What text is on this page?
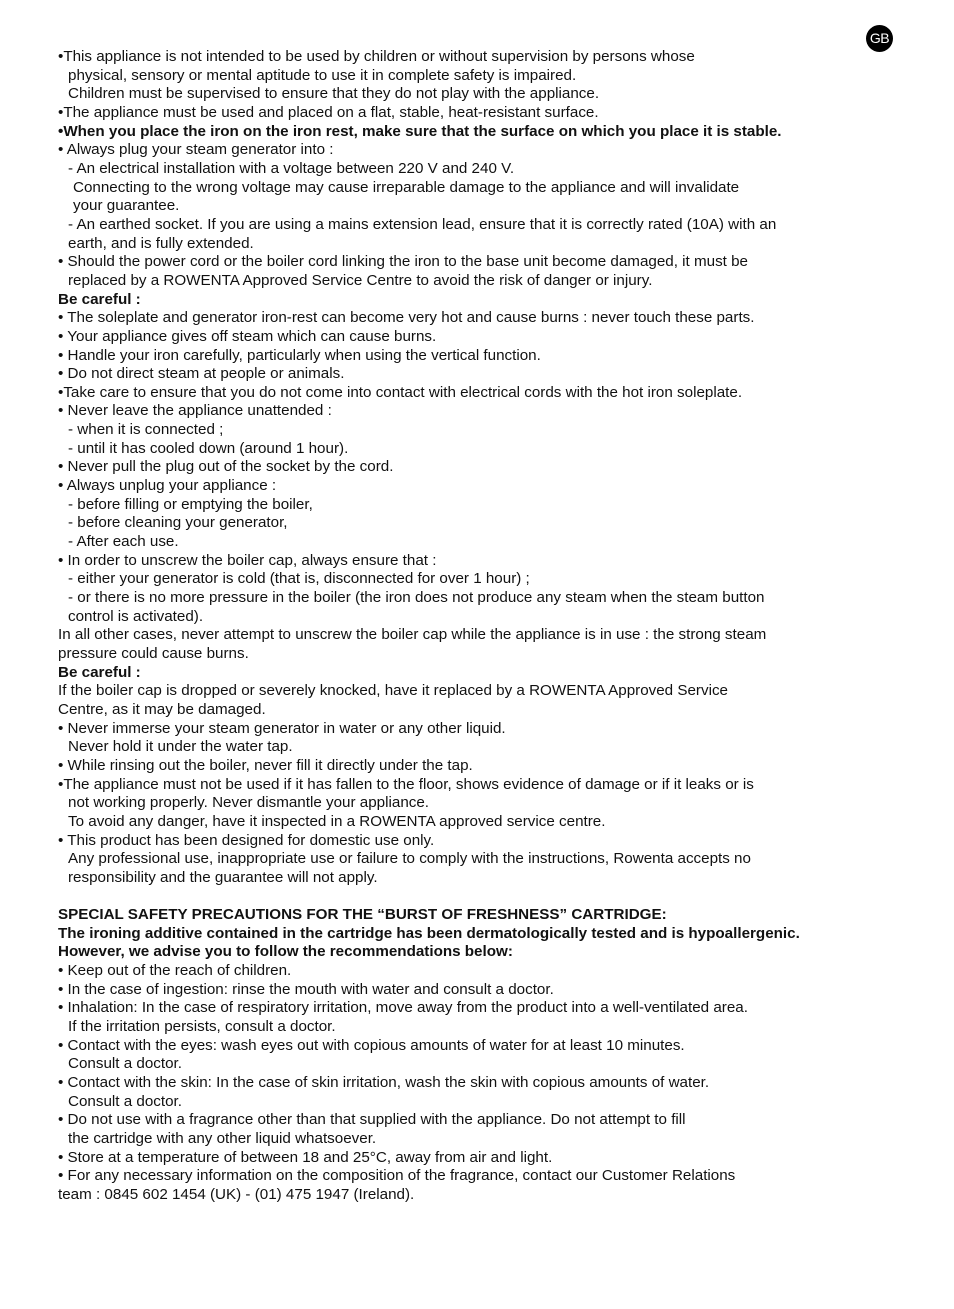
GB
•This appliance is not intended to be used by children or without supervision by persons whose
physical, sensory or mental aptitude to use it in complete safety is impaired.
Children must be supervised to ensure that they do not play with the appliance.
•The appliance must be used and placed on a flat, stable, heat-resistant surface.
•When you place the iron on the iron rest, make sure that the surface on which you place it is stable.
• Always plug your steam generator into :
- An electrical installation with a voltage between 220 V and 240 V.
Connecting to the wrong voltage may cause irreparable damage to the appliance and will invalidate
your guarantee.
- An earthed socket. If you are using a mains extension lead, ensure that it is correctly rated (10A) with an
earth, and is fully extended.
• Should the power cord or the boiler cord linking the iron to the base unit become damaged, it must be
replaced by a ROWENTA Approved Service Centre to avoid the risk of danger or injury.
Be careful :
• The soleplate and generator iron-rest can become very hot and cause burns : never touch these parts.
• Your appliance gives off steam which can cause burns.
• Handle your iron carefully, particularly when using the vertical function.
• Do not direct steam at people or animals.
•Take care to ensure that you do not come into contact with electrical cords with the hot iron soleplate.
• Never leave the appliance unattended :
- when it is connected ;
- until it has cooled down (around 1 hour).
• Never pull the plug out of the socket by the cord.
• Always unplug your appliance :
- before filling or emptying the boiler,
- before cleaning your generator,
- After each use.
• In order to unscrew the boiler cap, always ensure that :
- either your generator is cold (that is, disconnected for over 1 hour) ;
- or there is no more pressure in the boiler (the iron does not produce any steam when the steam button
control is activated).
In all other cases, never attempt to unscrew the boiler cap while the appliance is in use : the strong steam
pressure could cause burns.
Be careful :
If the boiler cap is dropped or severely knocked, have it replaced by a ROWENTA Approved Service
Centre, as it may be damaged.
• Never immerse your steam generator in water or any other liquid.
Never hold it under the water tap.
• While rinsing out the boiler, never fill it directly under the tap.
•The appliance must not be used if it has fallen to the floor, shows evidence of damage or if it leaks or is
not working properly. Never dismantle your appliance.
To avoid any danger, have it inspected in a ROWENTA approved service centre.
• This product has been designed for domestic use only.
Any professional use, inappropriate use or failure to comply with the instructions, Rowenta accepts no
responsibility and the guarantee will not apply.
SPECIAL SAFETY PRECAUTIONS FOR THE “BURST OF FRESHNESS” CARTRIDGE:
The ironing additive contained in the cartridge has been dermatologically tested and is hypoallergenic.
However, we advise you to follow the recommendations below:
• Keep out of the reach of children.
• In the case of ingestion: rinse the mouth with water and consult a doctor.
• Inhalation: In the case of respiratory irritation, move away from the product into a well-ventilated area.
If the irritation persists, consult a doctor.
• Contact with the eyes: wash eyes out with copious amounts of water for at least 10 minutes.
Consult a doctor.
• Contact with the skin: In the case of skin irritation, wash the skin with copious amounts of water.
Consult a doctor.
• Do not use with a fragrance other than that supplied with the appliance. Do not attempt to fill
the cartridge with any other liquid whatsoever.
• Store at a temperature of between 18 and 25°C, away from air and light.
• For any necessary information on the composition of the fragrance, contact our Customer Relations
team : 0845 602 1454 (UK) - (01) 475 1947 (Ireland).
